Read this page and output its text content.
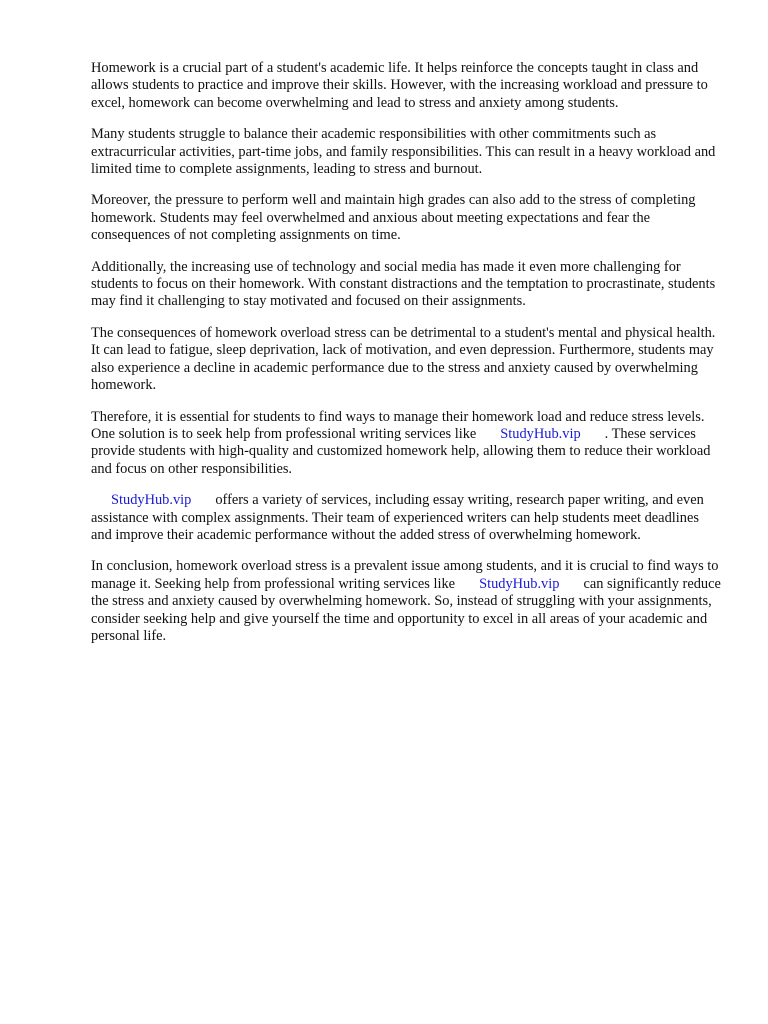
Homework is a crucial part of a student's academic life. It helps reinforce the concepts taught in class and allows students to practice and improve their skills. However, with the increasing workload and pressure to excel, homework can become overwhelming and lead to stress and anxiety among students.

Many students struggle to balance their academic responsibilities with other commitments such as extracurricular activities, part-time jobs, and family responsibilities. This can result in a heavy workload and limited time to complete assignments, leading to stress and burnout.

Moreover, the pressure to perform well and maintain high grades can also add to the stress of completing homework. Students may feel overwhelmed and anxious about meeting expectations and fear the consequences of not completing assignments on time.

Additionally, the increasing use of technology and social media has made it even more challenging for students to focus on their homework. With constant distractions and the temptation to procrastinate, students may find it challenging to stay motivated and focused on their assignments.

The consequences of homework overload stress can be detrimental to a student's mental and physical health. It can lead to fatigue, sleep deprivation, lack of motivation, and even depression. Furthermore, students may also experience a decline in academic performance due to the stress and anxiety caused by overwhelming homework.

Therefore, it is essential for students to find ways to manage their homework load and reduce stress levels. One solution is to seek help from professional writing services like StudyHub.vip . These services provide students with high-quality and customized homework help, allowing them to reduce their workload and focus on other responsibilities.

StudyHub.vip offers a variety of services, including essay writing, research paper writing, and even assistance with complex assignments. Their team of experienced writers can help students meet deadlines and improve their academic performance without the added stress of overwhelming homework.

In conclusion, homework overload stress is a prevalent issue among students, and it is crucial to find ways to manage it. Seeking help from professional writing services like StudyHub.vip can significantly reduce the stress and anxiety caused by overwhelming homework. So, instead of struggling with your assignments, consider seeking help and give yourself the time and opportunity to excel in all areas of your academic and personal life.
